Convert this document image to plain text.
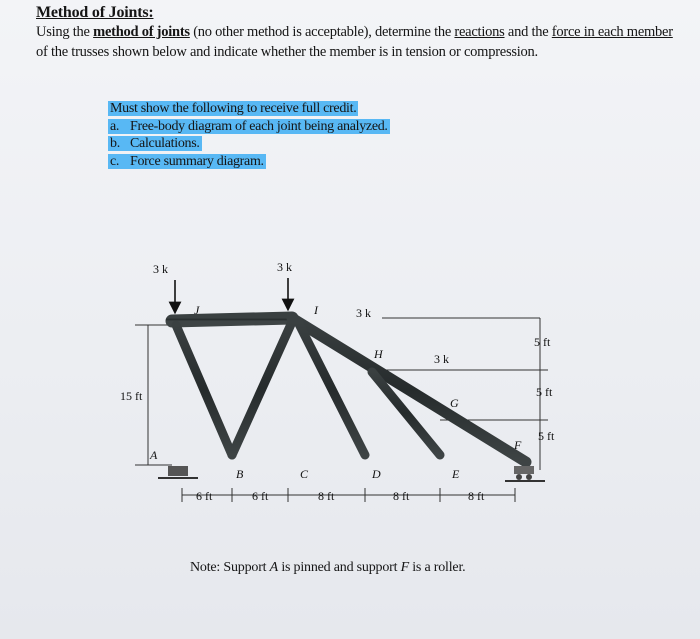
Method of Joints:
Using the method of joints (no other method is acceptable), determine the reactions and the force in each member of the trusses shown below and indicate whether the member is in tension or compression.
Must show the following to receive full credit.
a. Free-body diagram of each joint being analyzed.
b. Calculations.
c. Force summary diagram.
3 k	3 k
3 k
3 k
A
B	C	D	E
F
G
H
I
J
15 ft
5 ft
5 ft
5 ft
6 ft	6 ft	8 ft	8 ft	8 ft
Note: Support A is pinned and support F is a roller.
